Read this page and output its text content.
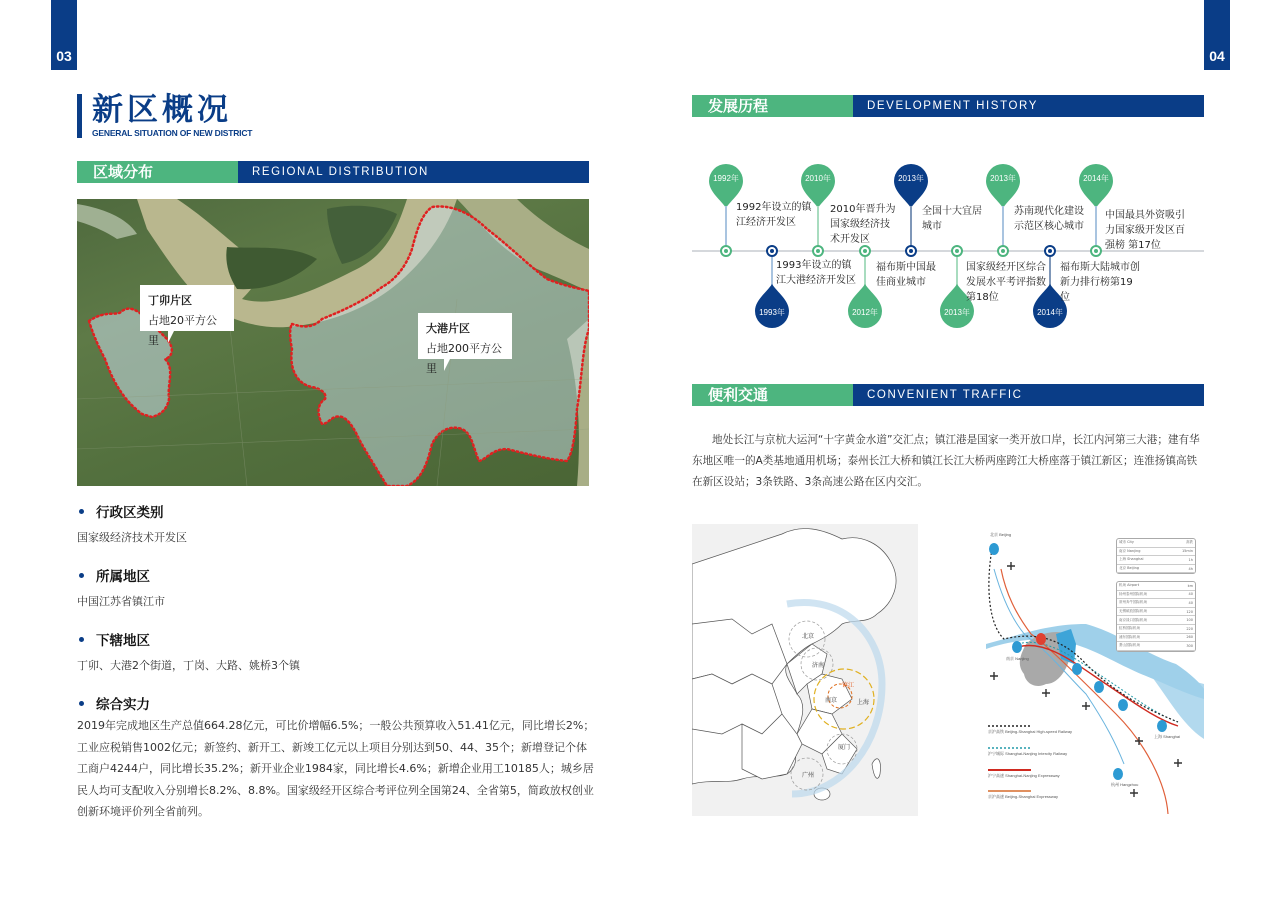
03	04
新区概况
GENERAL SITUATION OF NEW DISTRICT
区域分布	REGIONAL DISTRIBUTION
丁卯片区
占地20平方公里
大港片区
占地200平方公里
行政区类别

国家级经济技术开发区

所属地区

中国江苏省镇江市

下辖地区

丁卯、大港2个街道，丁岗、大路、姚桥3个镇

综合实力

2019年完成地区生产总值664.28亿元，可比价增幅6.5%；一般公共预算收入51.41亿元，同比增长2%；工业应税销售1002亿元；新签约、新开工、新竣工亿元以上项目分别达到50、44、35个；新增登记个体工商户4244户，同比增长35.2%；新开业企业1984家，同比增长4.6%；新增企业用工10185人；城乡居民人均可支配收入分别增长8.2%、8.8%。国家级经开区综合考评位列全国第24、全省第5，简政放权创业创新环境评价列全省前列。

发展历程	DEVELOPMENT HISTORY
1992年
1992年设立的镇江经济开发区
1993年
1993年设立的镇江大港经济开发区
2010年
2010年晋升为国家级经济技术开发区
2012年
福布斯中国最佳商业城市
2013年
全国十大宜居城市
2013年
国家级经开区综合发展水平考评指数第18位
2013年
苏南现代化建设示范区核心城市
2014年
福布斯大陆城市创新力排行榜第19位
2014年
中国最具外资吸引力国家级开发区百强榜 第17位
便利交通	CONVENIENT TRAFFIC

地处长江与京杭大运河“十字黄金水道”交汇点；镇江港是国家一类开放口岸，长江内河第三大港；建有华东地区唯一的A类基地通用机场；泰州长江大桥和镇江长江大桥两座跨江大桥座落于镇江新区；连淮扬镇高铁在新区设站；3条铁路、3条高速公路在区内交汇。

北京
济南
镇江
南京	上海
厦门
广州
京沪高铁 Beijing-Shanghai High-speed Railway
沪宁城际 Shanghai-Nanjing Intercity Railway
沪宁高速 Shanghai-Nanjing Expressway
京沪高速 Beijing-Shanghai Expressway
北京 Beijing
南京 Nanjing
上海 Shanghai
杭州 Hangzhou
城市 City	高铁
南京 Nanjing	15min
上海 Shanghai	1h
北京 Beijing	4h
机场 Airport	km
扬州泰州国际机场	40
常州奔牛国际机场	40
无锡硕放国际机场	120
南京禄口国际机场	100
虹桥国际机场	220
浦东国际机场	260
萧山国际机场	300
